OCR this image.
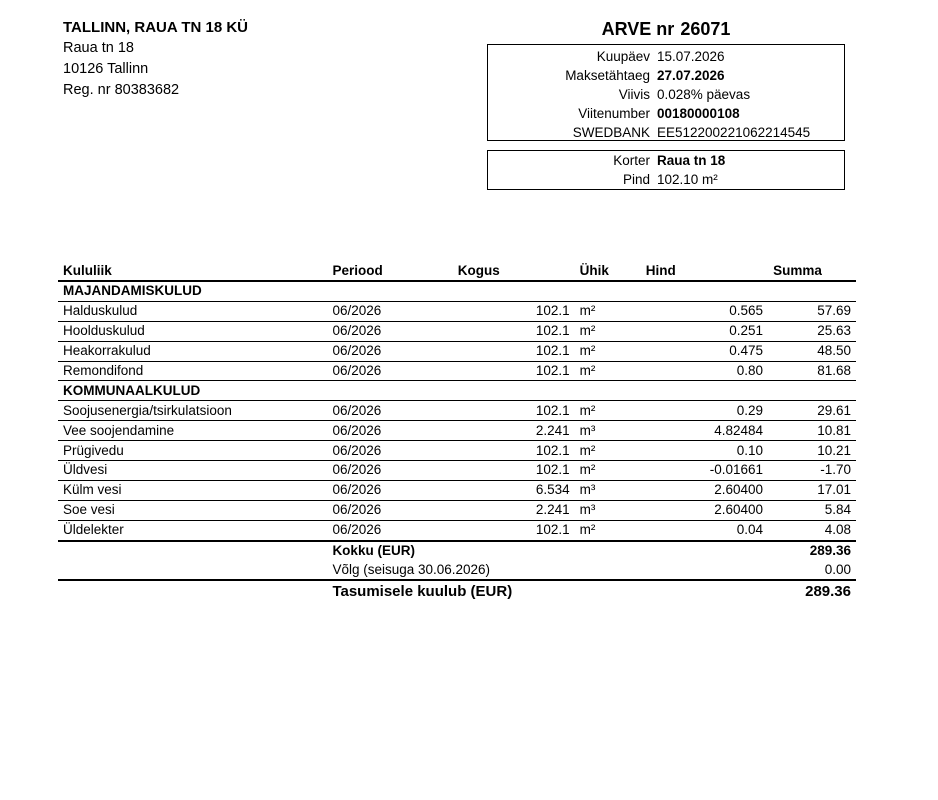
TALLINN, RAUA TN 18 KÜ
Raua tn 18
10126 Tallinn
Reg. nr 80383682
ARVE nr 26071
Kuupäev 15.07.2026
Maksetähtaeg 27.07.2026
Viivis 0.028% päevas
Viitenumber 00180000108
SWEDBANK EE512200221062214545
Korter Raua tn 18
Pind 102.10 m²
Kululiik	Periood	Kogus	Ühik	Hind	Summa
MAJANDAMISKULUD					
Halduskulud	06/2026	102.1	m²	0.565	57.69
Hoolduskulud	06/2026	102.1	m²	0.251	25.63
Heakorrakulud	06/2026	102.1	m²	0.475	48.50
Remondifond	06/2026	102.1	m²	0.80	81.68
KOMMUNAALKULUD					
Soojusenergia/tsirkulatsioon	06/2026	102.1	m²	0.29	29.61
Vee soojendamine	06/2026	2.241	m³	4.82484	10.81
Prügivedu	06/2026	102.1	m²	0.10	10.21
Üldvesi	06/2026	102.1	m²	-0.01661	-1.70
Külm vesi	06/2026	6.534	m³	2.60400	17.01
Soe vesi	06/2026	2.241	m³	2.60400	5.84
Üldelekter	06/2026	102.1	m²	0.04	4.08
	Kokku (EUR)				289.36
	Võlg (seisuga 30.06.2026)				0.00
	Tasumisele kuulub (EUR)				289.36
